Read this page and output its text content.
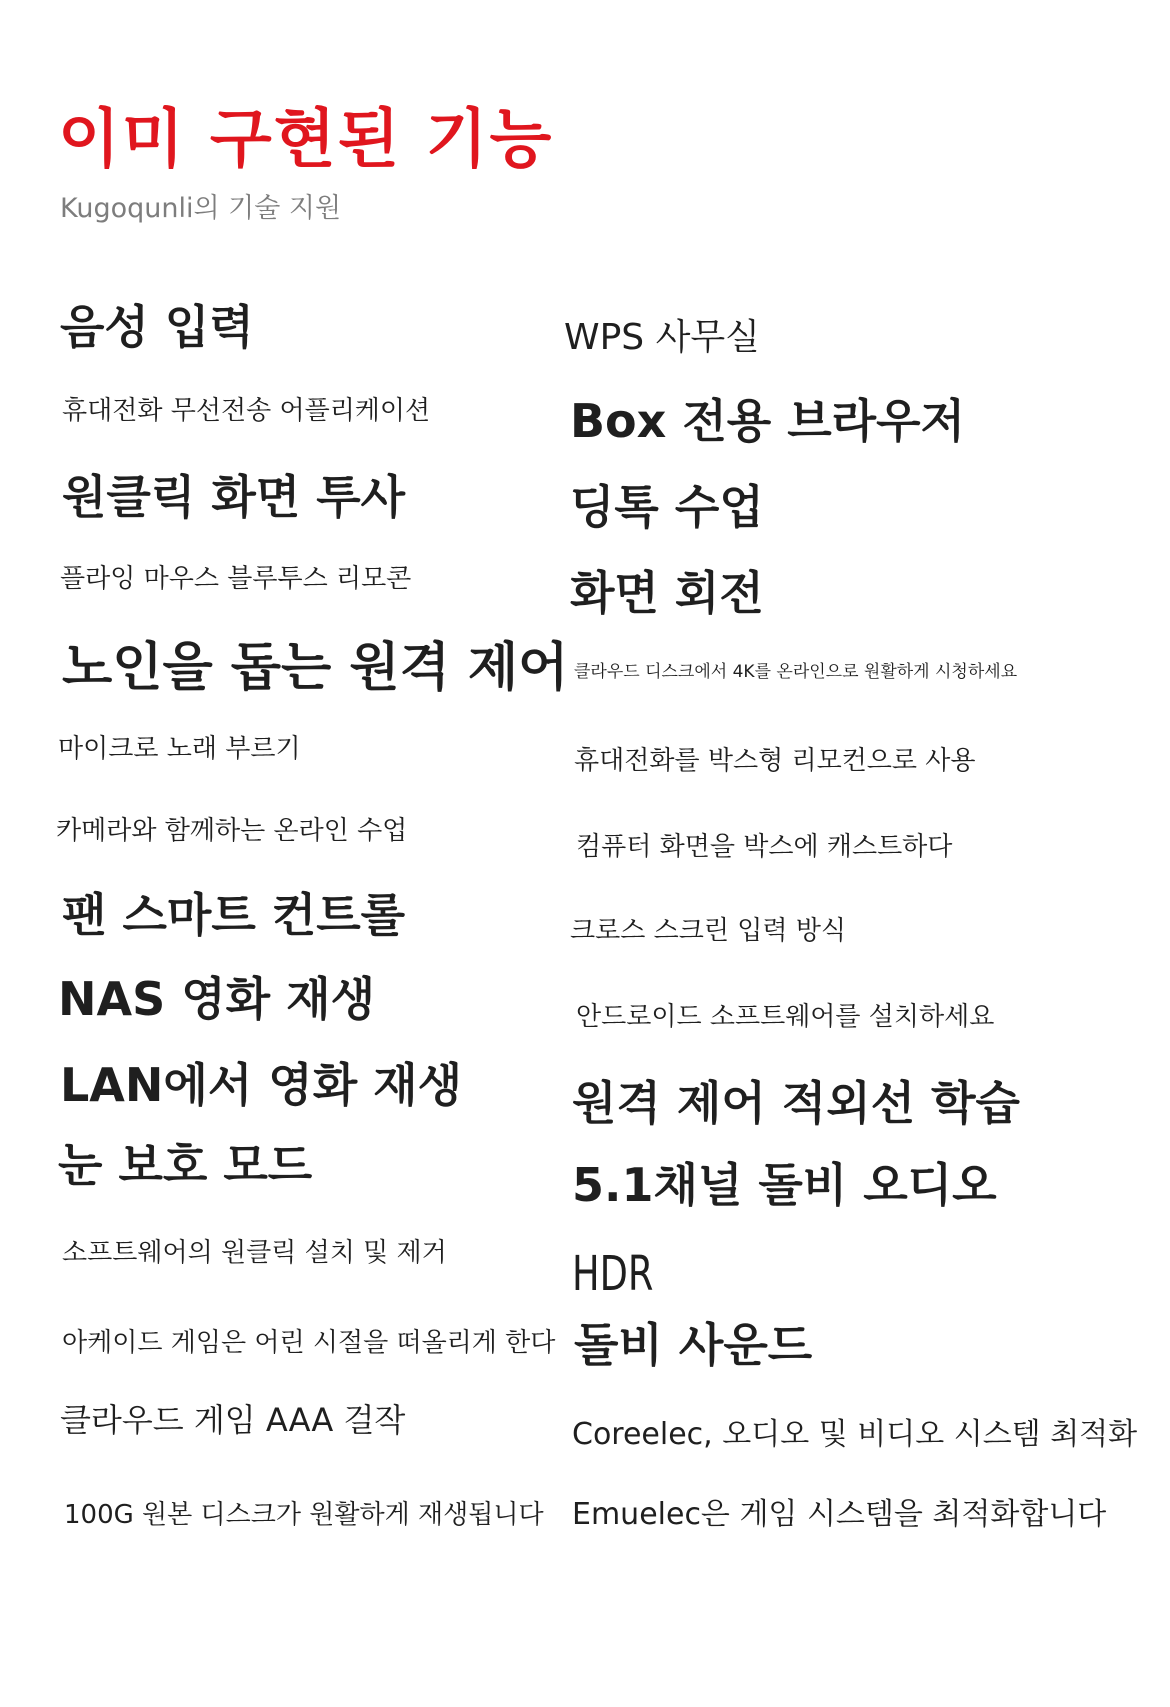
이미 구현된 기능
Kugoqunli의 기술 지원
음성 입력
휴대전화 무선전송 어플리케이션
원클릭 화면 투사
플라잉 마우스 블루투스 리모콘
노인을 돕는 원격 제어
마이크로 노래 부르기
카메라와 함께하는 온라인 수업
팬 스마트 컨트롤
NAS 영화 재생
LAN에서 영화 재생
눈 보호 모드
소프트웨어의 원클릭 설치 및 제거
아케이드 게임은 어린 시절을 떠올리게 한다
클라우드 게임 AAA 걸작
100G 원본 디스크가 원활하게 재생됩니다
WPS 사무실
Box 전용 브라우저
딩톡 수업
화면 회전
클라우드 디스크에서 4K를 온라인으로 원활하게 시청하세요
휴대전화를 박스형 리모컨으로 사용
컴퓨터 화면을 박스에 캐스트하다
크로스 스크린 입력 방식
안드로이드 소프트웨어를 설치하세요
원격 제어 적외선 학습
5.1채널 돌비 오디오
HDR
돌비 사운드
Coreelec, 오디오 및 비디오 시스템 최적화
Emuelec은 게임 시스템을 최적화합니다
